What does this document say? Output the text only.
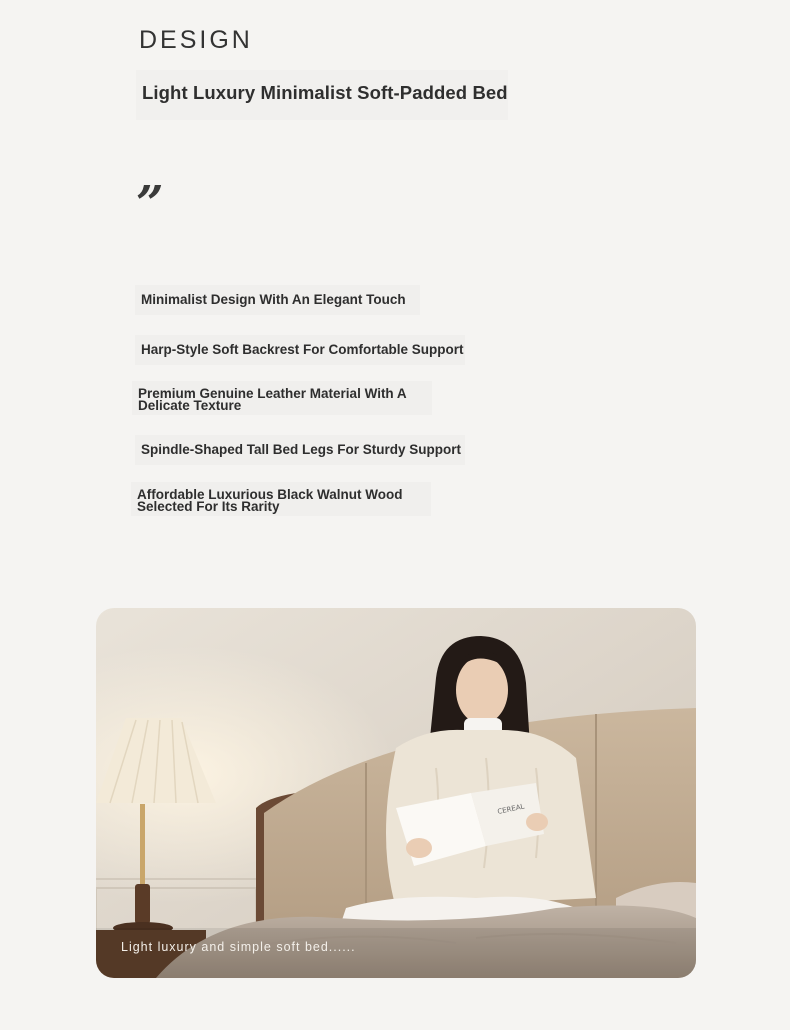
DESIGN
Light Luxury Minimalist Soft-Padded Bed
”
Minimalist Design With An Elegant Touch
Harp-Style Soft Backrest For Comfortable Support
Premium Genuine Leather Material With A Delicate Texture
Spindle-Shaped Tall Bed Legs For Sturdy Support
Affordable Luxurious Black Walnut Wood Selected For Its Rarity
CEREAL
Light luxury and simple soft bed......
